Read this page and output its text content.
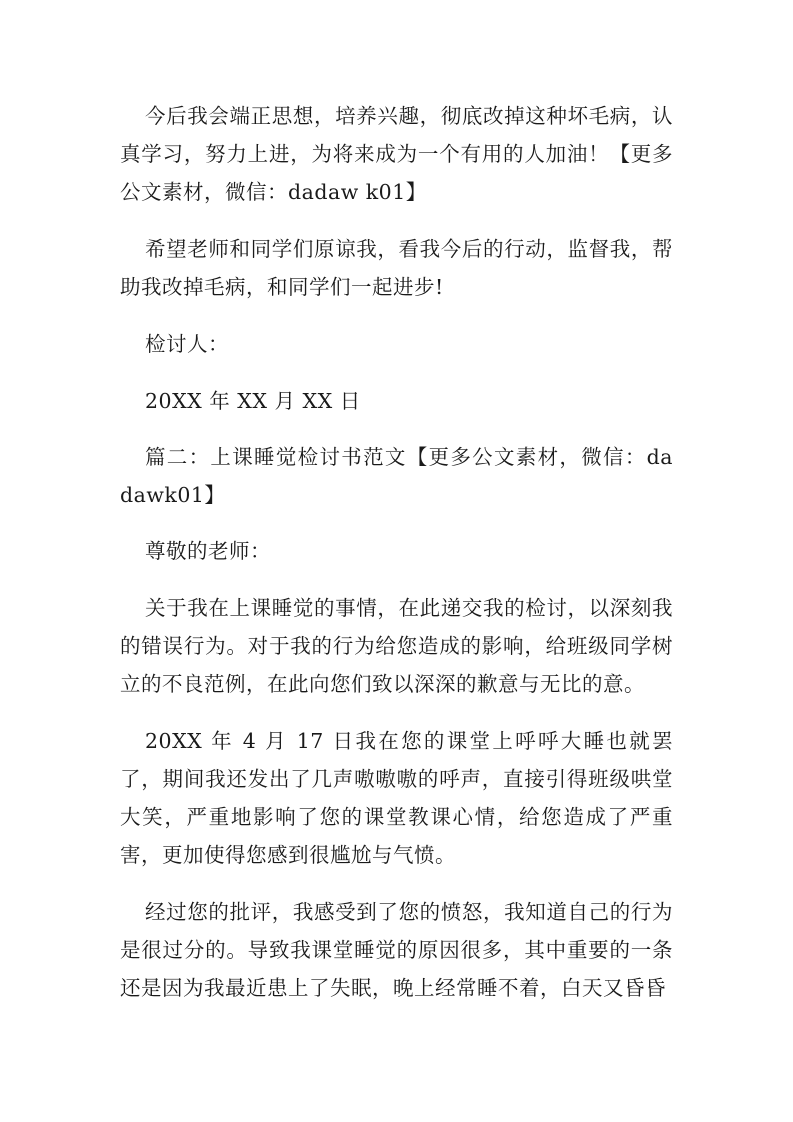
今后我会端正思想，培养兴趣，彻底改掉这种坏毛病，认真学习，努力上进，为将来成为一个有用的人加油！【更多公文素材，微信：dadaw k01】

希望老师和同学们原谅我，看我今后的行动，监督我，帮助我改掉毛病，和同学们一起进步!

检讨人：

20XX 年 XX 月 XX 日

篇二：上课睡觉检讨书范文【更多公文素材，微信：da dawk01】

尊敬的老师：

关于我在上课睡觉的事情，在此递交我的检讨，以深刻我的错误行为。对于我的行为给您造成的影响，给班级同学树立的不良范例，在此向您们致以深深的歉意与无比的意。

20XX 年 4 月 17 日我在您的课堂上呼呼大睡也就罢了，期间我还发出了几声嗷嗷嗷的呼声，直接引得班级哄堂大笑，严重地影响了您的课堂教课心情，给您造成了严重害，更加使得您感到很尴尬与气愤。

经过您的批评，我感受到了您的愤怒，我知道自己的行为是很过分的。导致我课堂睡觉的原因很多，其中重要的一条还是因为我最近患上了失眠，晚上经常睡不着，白天又昏昏
